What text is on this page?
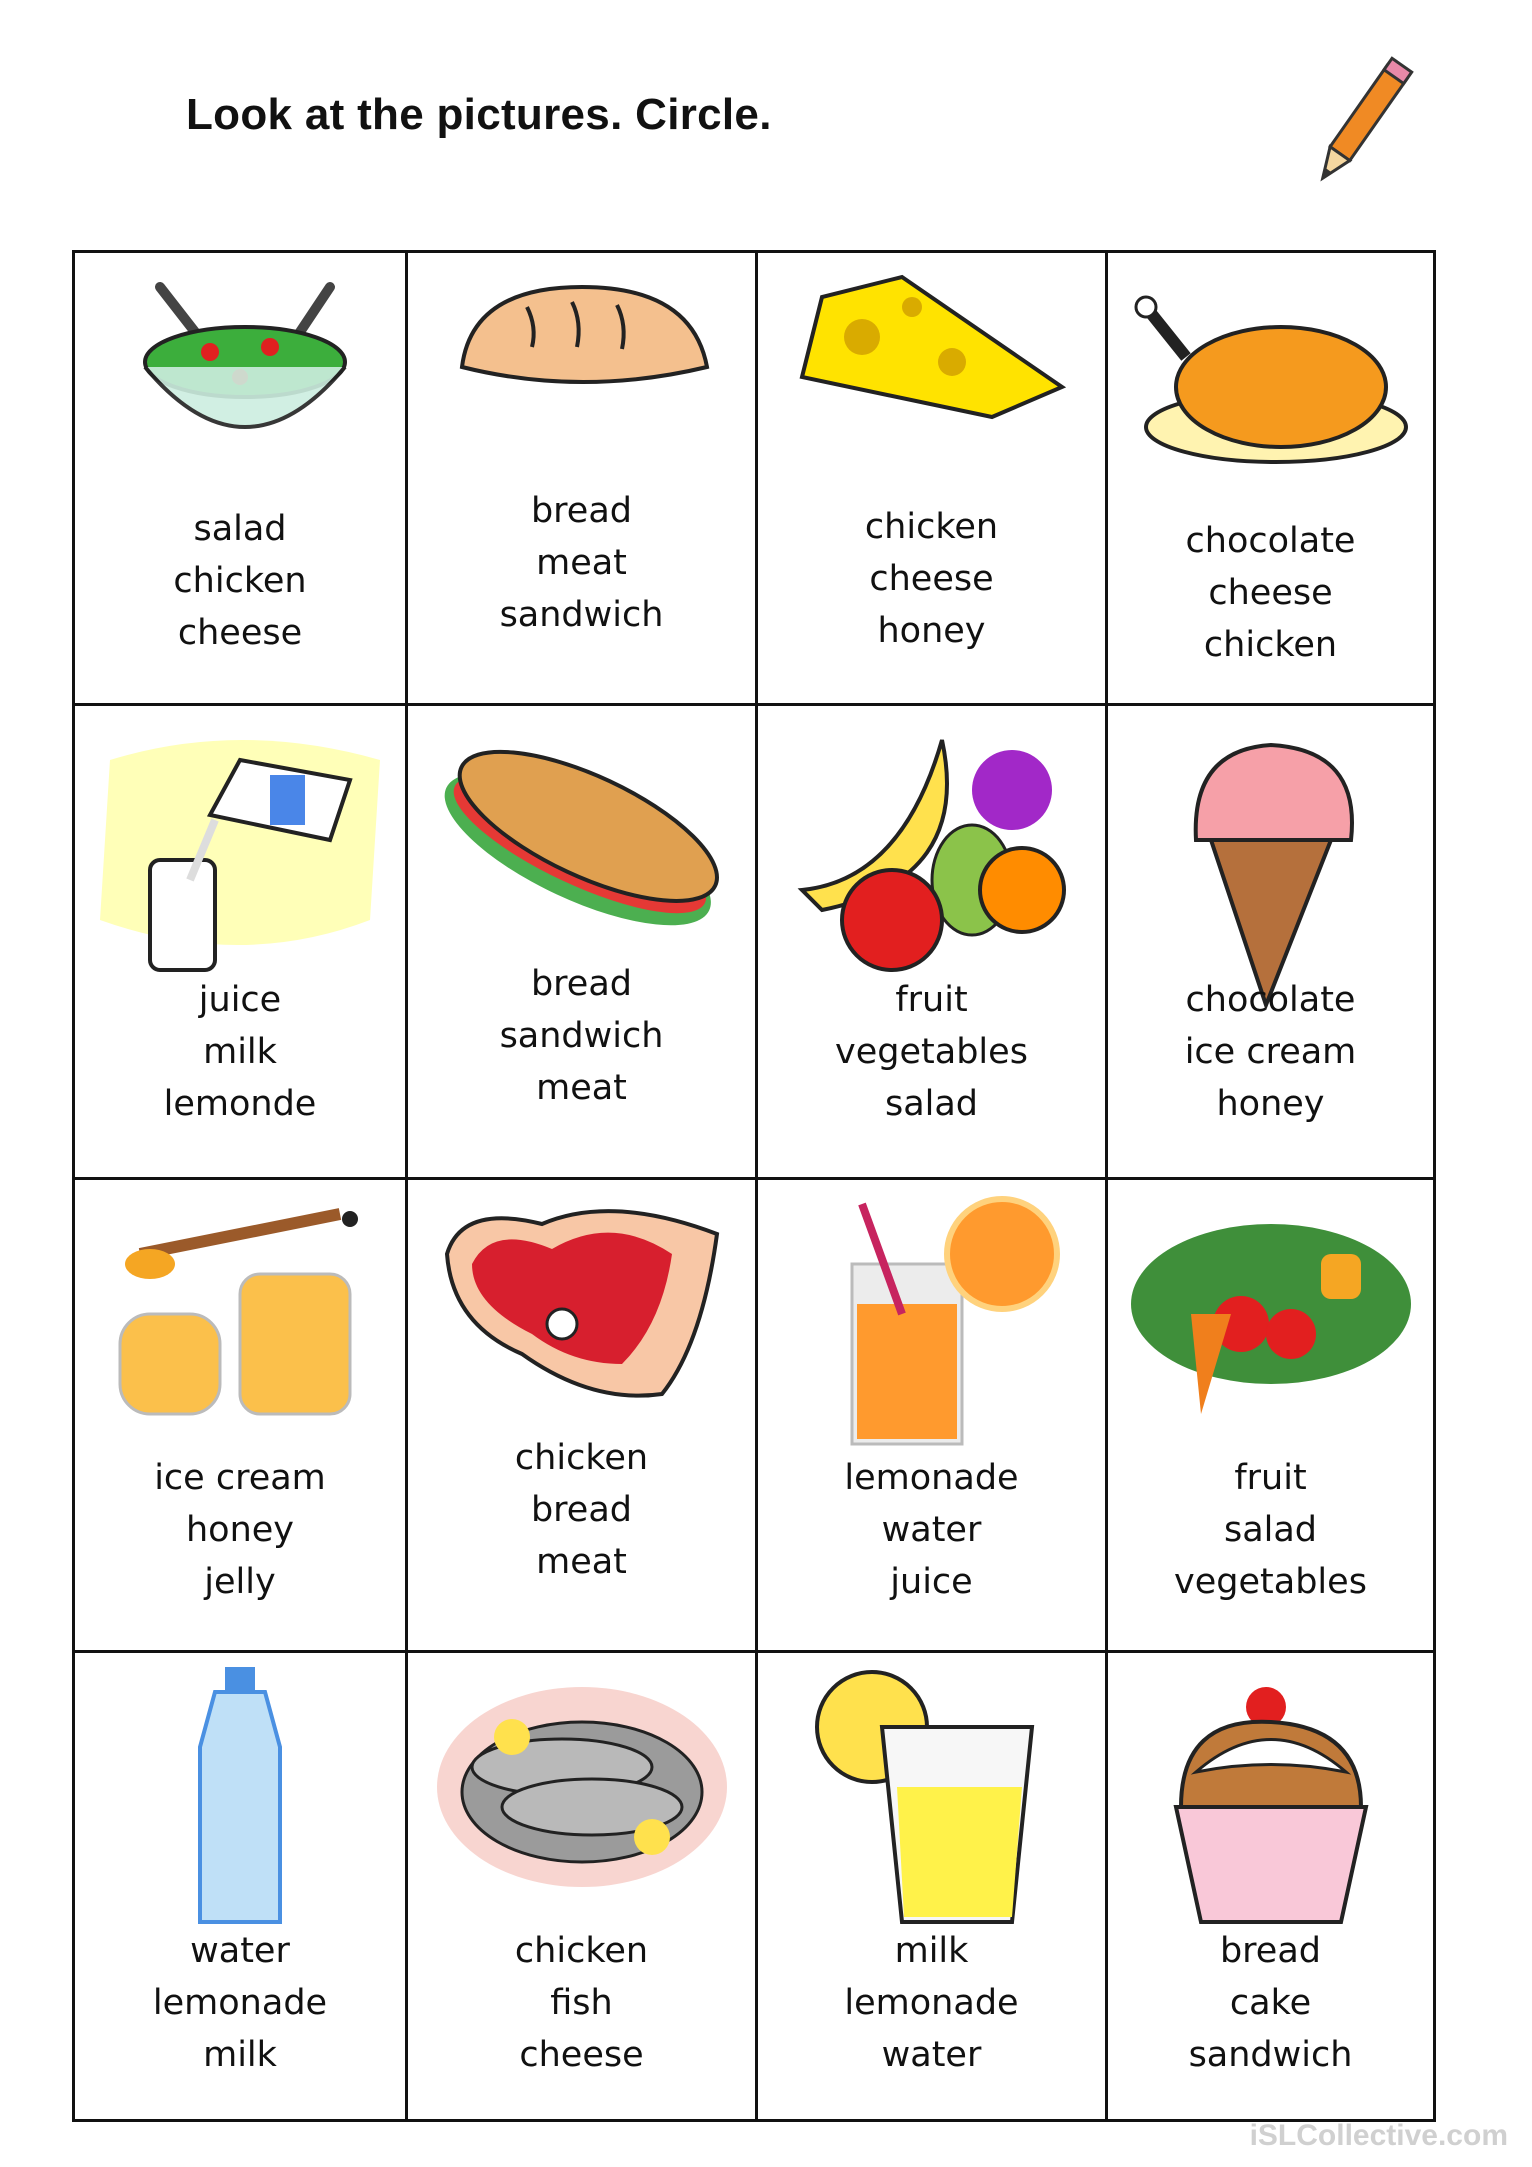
Look at the pictures. Circle.
salad
chicken
cheese
bread
meat
sandwich
chicken
cheese
honey
chocolate
cheese
chicken
juice
milk
lemonde
bread
sandwich
meat
fruit
vegetables
salad
chocolate
ice cream
honey
ice cream
honey
jelly
chicken
bread
meat
lemonade
water
juice
fruit
salad
vegetables
water
lemonade
milk
chicken
fish
cheese
milk
lemonade
water
bread
cake
sandwich
iSLCollective.com
